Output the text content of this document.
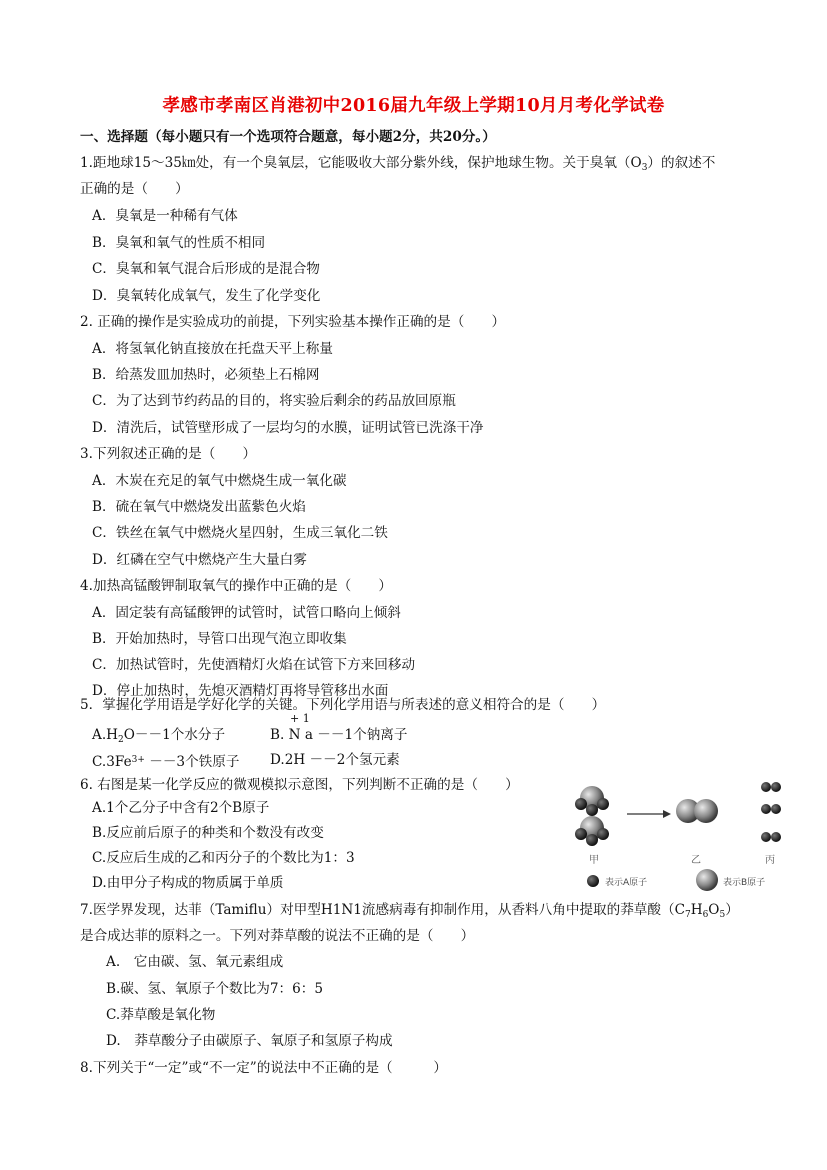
孝感市孝南区肖港初中2016届九年级上学期10月月考化学试卷
一、选择题（每小题只有一个选项符合题意，每小题2分，共20分。）
1.距地球15～35㎞处，有一个臭氧层，它能吸收大部分紫外线，保护地球生物。关于臭氧$(O_3)$的叙述不
正确的是（　　）
A．臭氧是一种稀有气体
B．臭氧和氧气的性质不相同
C．臭氧和氧气混合后形成的是混合物
D．臭氧转化成氧气，发生了化学变化
2. 正确的操作是实验成功的前提，下列实验基本操作正确的是（　　）
A．将氢氧化钠直接放在托盘天平上称量
B．给蒸发皿加热时，必须垫上石棉网
C．为了达到节约药品的目的，将实验后剩余的药品放回原瓶
D．清洗后，试管壁形成了一层均匀的水膜，证明试管已洗涤干净
3.下列叙述正确的是（　　）
A．木炭在充足的氧气中燃烧生成一氧化碳
B．硫在氧气中燃烧发出蓝紫色火焰
C．铁丝在氧气中燃烧火星四射，生成三氧化二铁
D．红磷在空气中燃烧产生大量白雾
4.加热高锰酸钾制取氧气的操作中正确的是（　　）
A．固定装有高锰酸钾的试管时，试管口略向上倾斜
B．开始加热时，导管口出现气泡立即收集
C．加热试管时，先使酒精灯火焰在试管下方来回移动
D．停止加热时，先熄灭酒精灯再将导管移出水面
5．掌握化学用语是学好化学的关键。下列化学用语与所表述的意义相符合的是（　　）
+ 1
$A.H_2O--1$个水分子	B. N a －－1个钠离子
$C.3Fe^{3+} --3$个铁原子 D.2H －－2个氢元素
6. 右图是某一化学反应的微观模拟示意图，下列判断不正确的是（　　）
A.1个乙分子中含有2个B原子
B.反应前后原子的种类和个数没有改变
C.反应后生成的乙和丙分子的个数比为1：3
D.由甲分子构成的物质属于单质
甲	乙	丙
表示A原子	表示B原子
7.医学界发现，达菲（Tamiflu）对甲型H1N1流感病毒有抑制作用，从香料八角中提取的莽草酸$(C_7H_6O_5)$
是合成达菲的原料之一。下列对莽草酸的说法不正确的是（　　）
A.　它由碳、氢、氧元素组成
B.碳、氢、氧原子个数比为7：6：5
C.莽草酸是氧化物
D.　莽草酸分子由碳原子、氧原子和氢原子构成
8.下列关于“一定”或“不一定”的说法中不正确的是（　　　）
